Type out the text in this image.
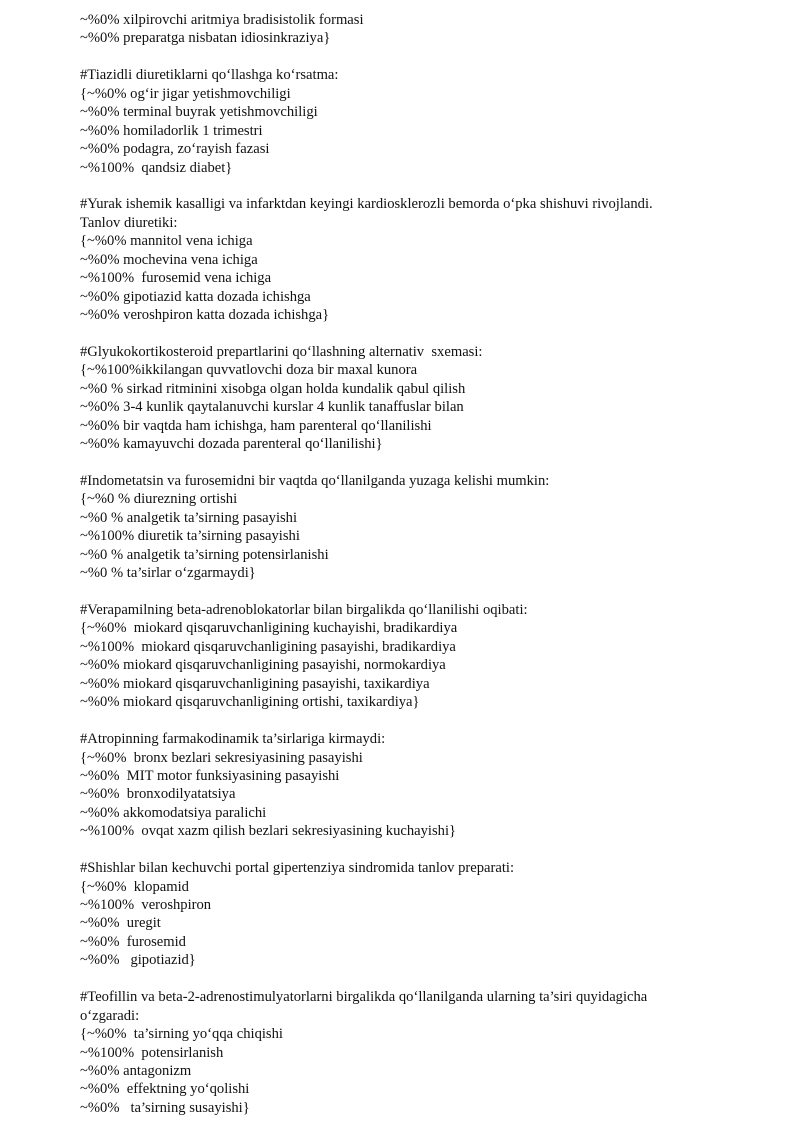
~%0% xilpirovchi aritmiya bradisistolik formasi
~%0% preparatga nisbatan idiosinkraziya}
#Tiazidli diuretiklarni qo‘llashga ko‘rsatma:
{~%0% og‘ir jigar yetishmovchiligi
~%0% terminal buyrak yetishmovchiligi
~%0% homiladorlik 1 trimestri
~%0% podagra, zo‘rayish fazasi
~%100%  qandsiz diabet}
#Yurak ishemik kasalligi va infarktdan keyingi kardiosklerozli bemorda o‘pka shishuvi rivojlandi.
Tanlov diuretiki:
{~%0% mannitol vena ichiga
~%0% mochevina vena ichiga
~%100%  furosemid vena ichiga
~%0% gipotiazid katta dozada ichishga
~%0% veroshpiron katta dozada ichishga}
#Glyukokortikosteroid prepartlarini qo‘llashning alternativ  sxemasi:
{~%100%ikkilangan quvvatlovchi doza bir maxal kunora
~%0 % sirkad ritminini xisobga olgan holda kundalik qabul qilish
~%0% 3-4 kunlik qaytalanuvchi kurslar 4 kunlik tanaffuslar bilan
~%0% bir vaqtda ham ichishga, ham parenteral qo‘llanilishi
~%0% kamayuvchi dozada parenteral qo‘llanilishi}
#Indometatsin va furosemidni bir vaqtda qo‘llanilganda yuzaga kelishi mumkin:
{~%0 % diurezning ortishi
~%0 % analgetik ta’sirning pasayishi
~%100% diuretik ta’sirning pasayishi
~%0 % analgetik ta’sirning potensirlanishi
~%0 % ta’sirlar o‘zgarmaydi}
#Verapamilning beta-adrenoblokatorlar bilan birgalikda qo‘llanilishi oqibati:
{~%0%  miokard qisqaruvchanligining kuchayishi, bradikardiya
~%100%  miokard qisqaruvchanligining pasayishi, bradikardiya
~%0% miokard qisqaruvchanligining pasayishi, normokardiya
~%0% miokard qisqaruvchanligining pasayishi, taxikardiya
~%0% miokard qisqaruvchanligining ortishi, taxikardiya}
#Atropinning farmakodinamik ta’sirlariga kirmaydi:
{~%0%  bronx bezlari sekresiyasining pasayishi
~%0%  MIT motor funksiyasining pasayishi
~%0%  bronxodilyatatsiya
~%0% akkomodatsiya paralichi
~%100%  ovqat xazm qilish bezlari sekresiyasining kuchayishi}
#Shishlar bilan kechuvchi portal gipertenziya sindromida tanlov preparati:
{~%0%  klopamid
~%100%  veroshpiron
~%0%  uregit
~%0%  furosemid
~%0%   gipotiazid}
#Teofillin va beta-2-adrenostimulyatorlarni birgalikda qo‘llanilganda ularning ta’siri quyidagicha
o‘zgaradi:
{~%0%  ta’sirning yo‘qqa chiqishi
~%100%  potensirlanish
~%0% antagonizm
~%0%  effektning yo‘qolishi
~%0%   ta’sirning susayishi}
